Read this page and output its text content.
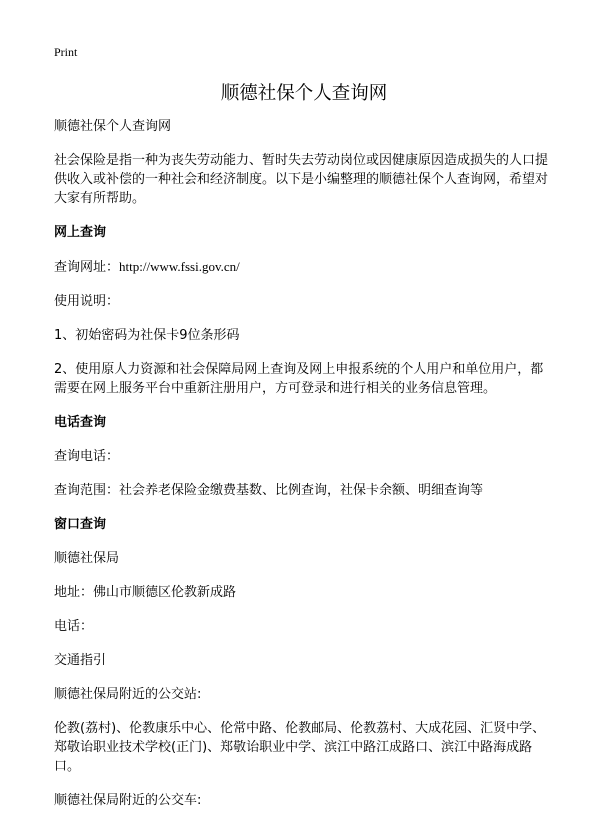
Print
顺德社保个人查询网

顺德社保个人查询网

社会保险是指一种为丧失劳动能力、暂时失去劳动岗位或因健康原因造成损失的人口提供收入或补偿的一种社会和经济制度。以下是小编整理的顺德社保个人查询网，希望对大家有所帮助。

网上查询

查询网址：http://www.fssi.gov.cn/

使用说明：

1、初始密码为社保卡9位条形码

2、使用原人力资源和社会保障局网上查询及网上申报系统的个人用户和单位用户，都需要在网上服务平台中重新注册用户，方可登录和进行相关的业务信息管理。

电话查询

查询电话：

查询范围：社会养老保险金缴费基数、比例查询，社保卡余额、明细查询等

窗口查询

顺德社保局

地址：佛山市顺德区伦教新成路

电话：

交通指引

顺德社保局附近的公交站:

伦教(荔村)、伦教康乐中心、伦常中路、伦教邮局、伦教荔村、大成花园、汇贤中学、郑敬诒职业技术学校(正门)、郑敬诒职业中学、滨江中路江成路口、滨江中路海成路口。

顺德社保局附近的公交车:
